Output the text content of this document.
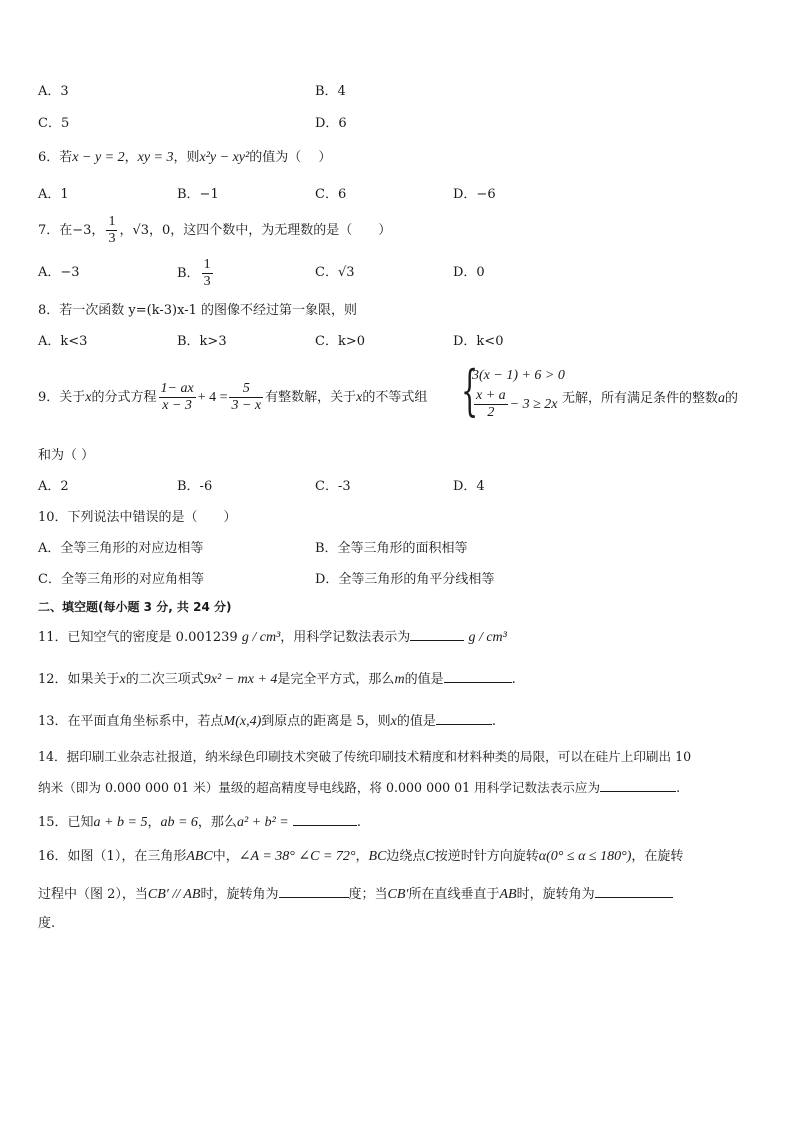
A．3	B．4
C．5	D．6
6．若x − y = 2，xy = 3，则x²y − xy²的值为（　 ）
A．1	B．−1	C．6	D．−6
7．在−3， $\frac{1}{3}$ ，√3，0，这四个数中，为无理数的是（　　）
A．−3	B． $\frac{1}{3}$	C．√3	D．0
8．若一次函数 y=(k-3)x-1 的图像不经过第一象限，则
A．k<3	B．k>3	C．k>0	D．k<0
9．关于x的分式方程 $\frac{1- ax}{x - 3} + 4 = \frac{5}{3 - x}$ 有整数解，关于x的不等式组 {
3(x − 1) + 6 > 0
$\frac{x + a}{2} - 3 \ge 2x$ 无解，所有满足条件的整数a的
和为（ ）
A．2	B．-6	C．-3	D．4
10．下列说法中错误的是（　　）
A．全等三角形的对应边相等	B．全等三角形的面积相等
C．全等三角形的对应角相等	D．全等三角形的角平分线相等
二、填空题(每小题 3 分, 共 24 分)
11．已知空气的密度是 0.001239 g / cm³，用科学记数法表示为	g / cm³
12．如果关于x的二次三项式9x² − mx + 4是完全平方式，那么m的值是	.
13．在平面直角坐标系中，若点M(x,4)到原点的距离是 5，则x的值是	.
14．据印刷工业杂志社报道，纳米绿色印刷技术突破了传统印刷技术精度和材料种类的局限，可以在硅片上印刷出 10
纳米（即为 0.000 000 01 米）量级的超高精度导电线路，将 0.000 000 01 用科学记数法表示应为	.
15．已知a + b = 5，ab = 6，那么a² + b² =	.
16．如图（1），在三角形ABC中，∠A = 38° ∠C = 72°，BC边绕点C按逆时针方向旋转α(0° ≤ α ≤ 180°)，在旋转
过程中（图 2），当CB′ // AB时，旋转角为	度；当CB′所在直线垂直于AB时，旋转角为
度.
